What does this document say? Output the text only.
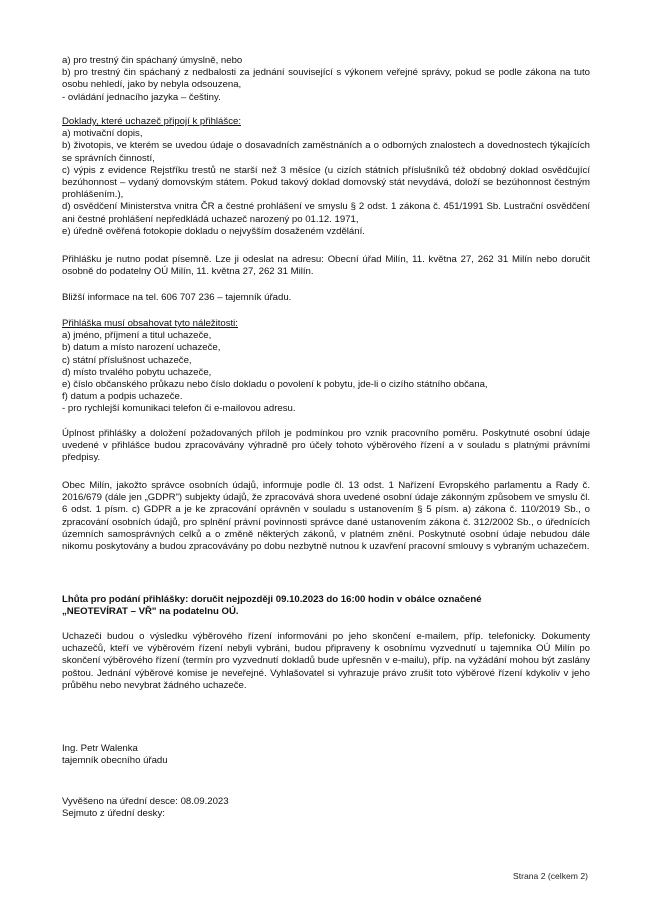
a) pro trestný čin spáchaný úmyslně, nebo
b) pro trestný čin spáchaný z nedbalosti za jednání související s výkonem veřejné správy, pokud se podle zákona na tuto osobu nehledí, jako by nebyla odsouzena,
- ovládání jednacího jazyka – češtiny.
Doklady, které uchazeč připojí k přihlášce:
a) motivační dopis,
b) životopis, ve kterém se uvedou údaje o dosavadních zaměstnáních a o odborných znalostech a dovednostech týkajících se správních činností,
c) výpis z evidence Rejstříku trestů ne starší než 3 měsíce (u cizích státních příslušníků též obdobný doklad osvědčující bezúhonnost – vydaný domovským státem. Pokud takový doklad domovský stát nevydává, doloží se bezúhonnost čestným prohlášením.),
d) osvědčení Ministerstva vnitra ČR a čestné prohlášení ve smyslu § 2 odst. 1 zákona č. 451/1991 Sb. Lustrační osvědčení ani čestné prohlášení nepředkládá uchazeč narozený po 01.12. 1971,
e) úředně ověřená fotokopie dokladu o nejvyšším dosaženém vzdělání.

Přihlášku je nutno podat písemně. Lze ji odeslat na adresu: Obecní úřad Milín, 11. května 27, 262 31 Milín nebo doručit osobně do podatelny OÚ Milín, 11. května 27, 262 31 Milín.

Bližší informace na tel. 606 707 236 – tajemník úřadu.

Přihláška musí obsahovat tyto náležitosti:
a) jméno, příjmení a titul uchazeče,
b) datum a místo narození uchazeče,
c) státní příslušnost uchazeče,
d) místo trvalého pobytu uchazeče,
e) číslo občanského průkazu nebo číslo dokladu o povolení k pobytu, jde-li o cizího státního občana,
f) datum a podpis uchazeče.
- pro rychlejší komunikaci telefon či e-mailovou adresu.

Úplnost přihlášky a doložení požadovaných příloh je podmínkou pro vznik pracovního poměru. Poskytnuté osobní údaje uvedené v přihlášce budou zpracovávány výhradně pro účely tohoto výběrového řízení a v souladu s platnými právními předpisy.

Obec Milín, jakožto správce osobních údajů, informuje podle čl. 13 odst. 1 Nařízení Evropského parlamentu a Rady č. 2016/679 (dále jen „GDPR") subjekty údajů, že zpracovává shora uvedené osobní údaje zákonným způsobem ve smyslu čl. 6 odst. 1 písm. c) GDPR a je ke zpracování oprávněn v souladu s ustanovením § 5 písm. a) zákona č. 110/2019 Sb., o zpracování osobních údajů, pro splnění právní povinnosti správce dané ustanovením zákona č. 312/2002 Sb., o úřednících územních samosprávných celků a o změně některých zákonů, v platném znění. Poskytnuté osobní údaje nebudou dále nikomu poskytovány a budou zpracovávány po dobu nezbytně nutnou k uzavření pracovní smlouvy s vybraným uchazečem.

Lhůta pro podání přihlášky: doručit nejpozději 09.10.2023 do 16:00 hodin v obálce označené
„NEOTEVÍRAT – VŘ" na podatelnu OÚ.

Uchazeči budou o výsledku výběrového řízení informováni po jeho skončení e-mailem, příp. telefonicky. Dokumenty uchazečů, kteří ve výběrovém řízení nebyli vybráni, budou připraveny k osobnímu vyzvednutí u tajemníka OÚ Milín po skončení výběrového řízení (termín pro vyzvednutí dokladů bude upřesněn v e-mailu), příp. na vyžádání mohou být zaslány poštou. Jednání výběrové komise je neveřejné. Vyhlašovatel si vyhrazuje právo zrušit toto výběrové řízení kdykoliv v jeho průběhu nebo nevybrat žádného uchazeče.

Ing. Petr Walenka
tajemník obecního úřadu
Vyvěšeno na úřední desce: 08.09.2023
Sejmuto z úřední desky:
Strana 2 (celkem 2)
